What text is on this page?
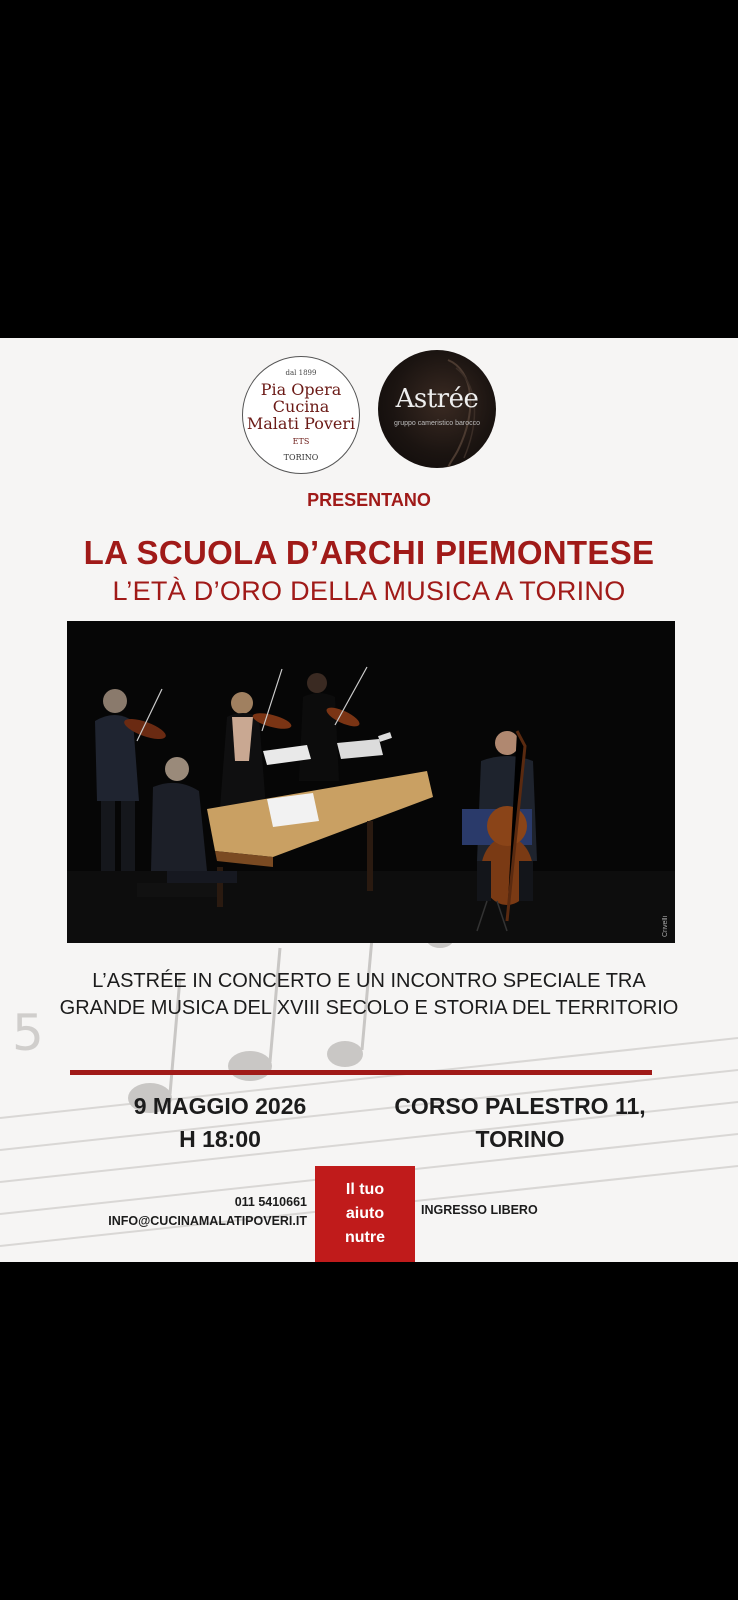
5
dal 1899
Pia Opera
Cucina
Malati Poveri
ETS
TORINO
Astrée
gruppo cameristico barocco
PRESENTANO
LA SCUOLA D’ARCHI PIEMONTESE
L’ETÀ D’ORO DELLA MUSICA A TORINO
Crivelli
L’ASTRÉE IN CONCERTO E UN INCONTRO SPECIALE TRA GRANDE MUSICA DEL XVIII SECOLO E STORIA DEL TERRITORIO
9 MAGGIO 2026
H 18:00
CORSO PALESTRO 11,
TORINO
011 5410661
INFO@CUCINAMALATIPOVERI.IT
Il tuo
aiuto
nutre
INGRESSO LIBERO
